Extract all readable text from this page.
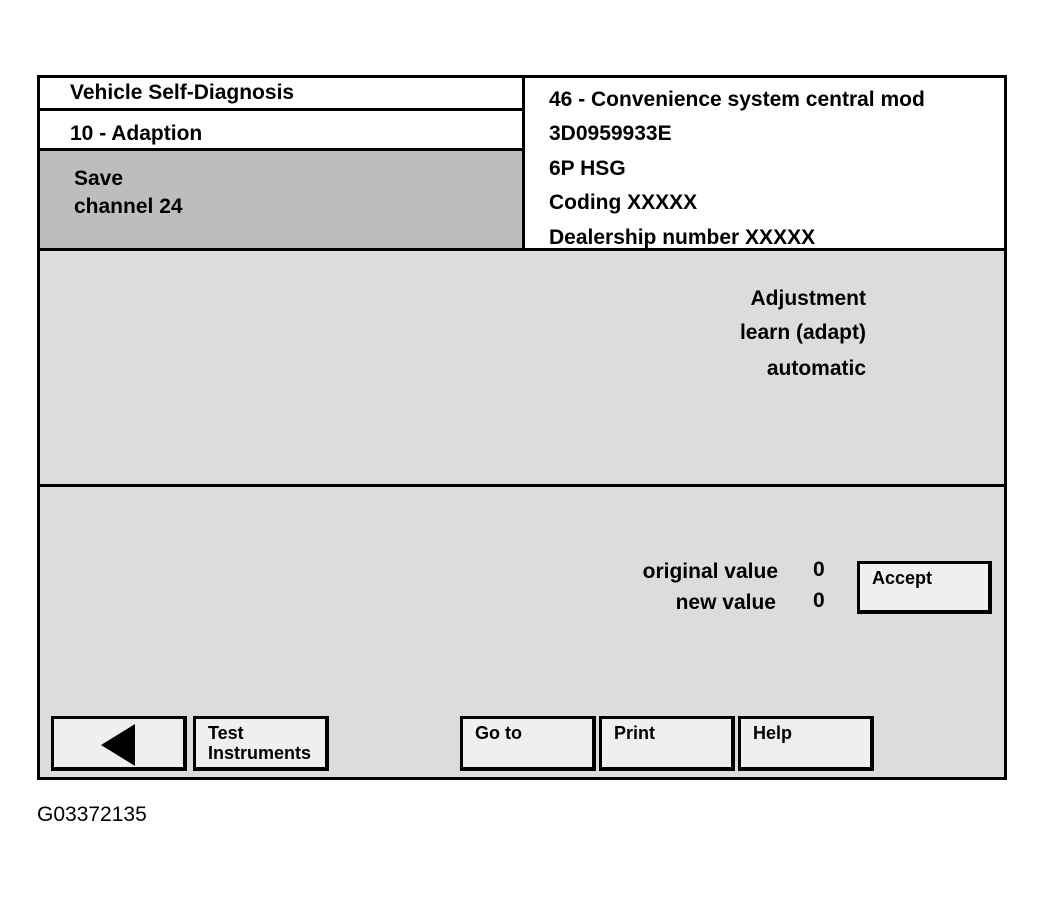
Vehicle Self-Diagnosis
10 - Adaption
Save
channel 24
46 - Convenience system central mod
3D0959933E
6P HSG
Coding XXXXX
Dealership number XXXXX
Adjustment
learn (adapt)
automatic
original value 0
new value 0
Accept
Test
Instruments
Go to	Print	Help
G03372135
